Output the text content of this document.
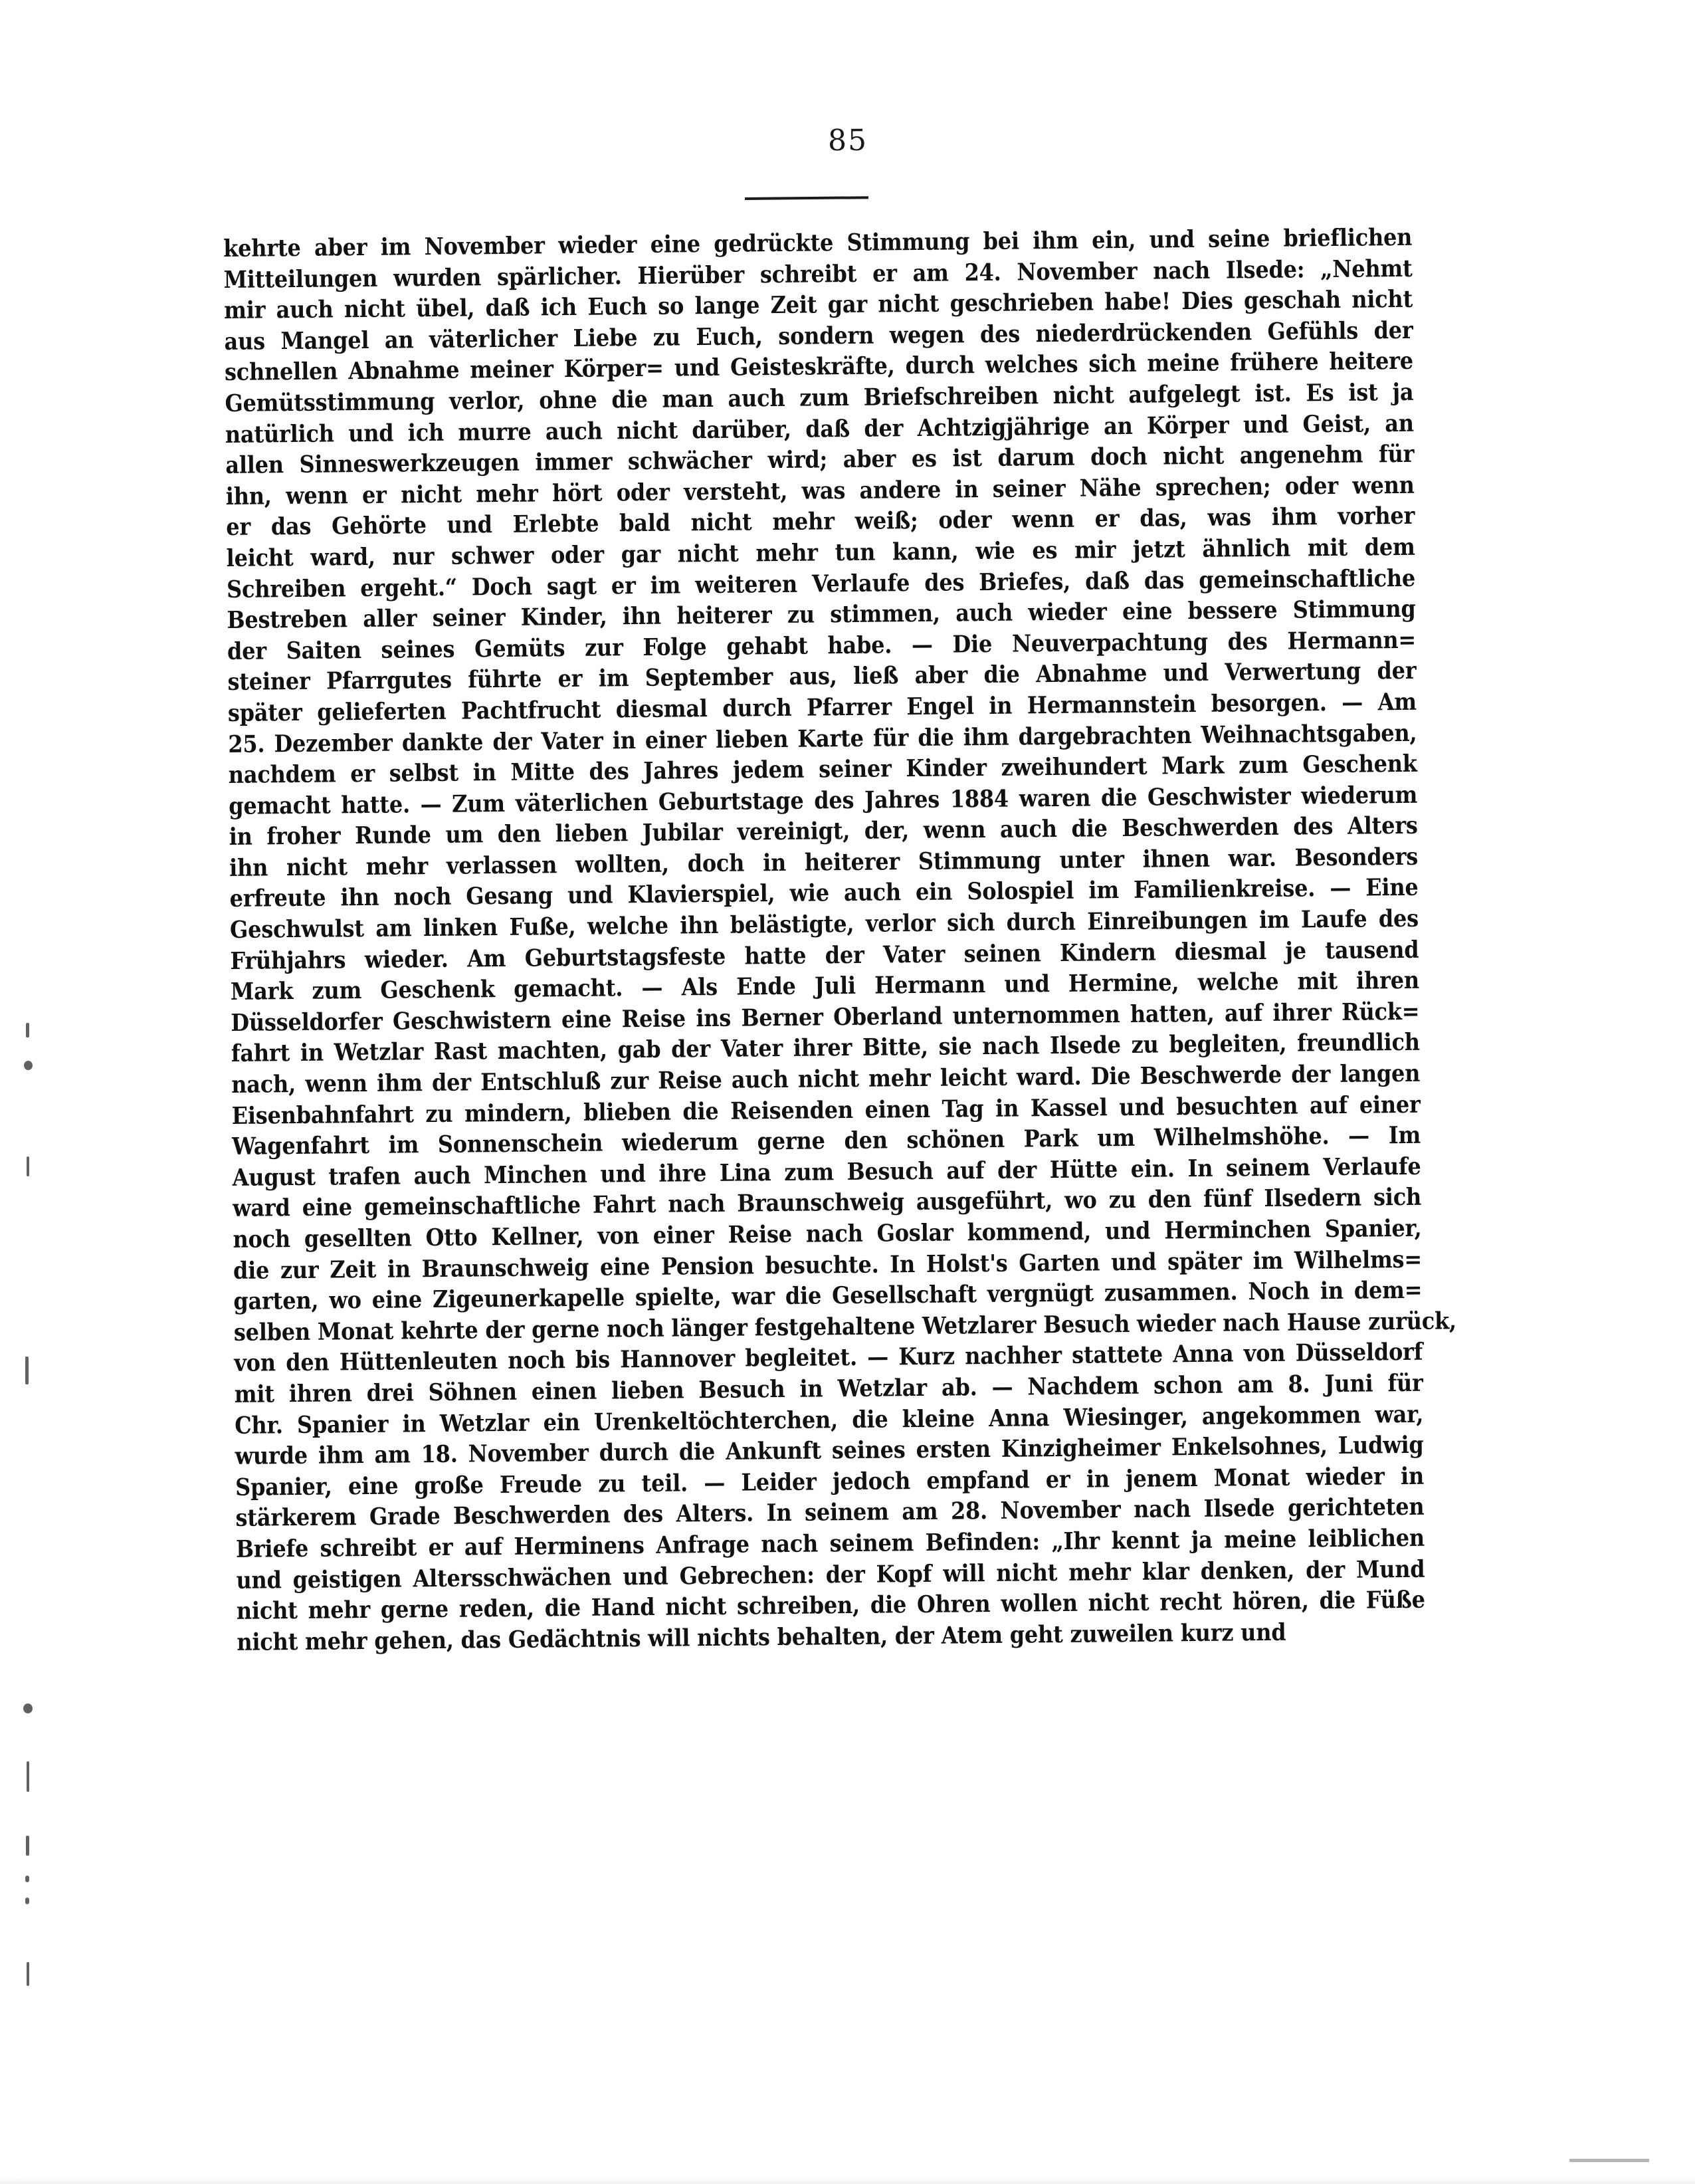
85
kehrte aber im November wieder eine gedrückte Stimmung bei ihm ein, und seine brieflichen
Mitteilungen wurden spärlicher. Hierüber schreibt er am 24. November nach Ilsede: „Nehmt
mir auch nicht übel, daß ich Euch so lange Zeit gar nicht geschrieben habe! Dies geschah nicht
aus Mangel an väterlicher Liebe zu Euch, sondern wegen des niederdrückenden Gefühls der
schnellen Abnahme meiner Körper= und Geisteskräfte, durch welches sich meine frühere heitere
Gemütsstimmung verlor, ohne die man auch zum Briefschreiben nicht aufgelegt ist. Es ist ja
natürlich und ich murre auch nicht darüber, daß der Achtzigjährige an Körper und Geist, an
allen Sinneswerkzeugen immer schwächer wird; aber es ist darum doch nicht angenehm für
ihn, wenn er nicht mehr hört oder versteht, was andere in seiner Nähe sprechen; oder wenn
er das Gehörte und Erlebte bald nicht mehr weiß; oder wenn er das, was ihm vorher
leicht ward, nur schwer oder gar nicht mehr tun kann, wie es mir jetzt ähnlich mit dem
Schreiben ergeht.“ Doch sagt er im weiteren Verlaufe des Briefes, daß das gemeinschaftliche
Bestreben aller seiner Kinder, ihn heiterer zu stimmen, auch wieder eine bessere Stimmung
der Saiten seines Gemüts zur Folge gehabt habe. — Die Neuverpachtung des Hermann=
steiner Pfarrgutes führte er im September aus, ließ aber die Abnahme und Verwertung der
später gelieferten Pachtfrucht diesmal durch Pfarrer Engel in Hermannstein besorgen. — Am
25. Dezember dankte der Vater in einer lieben Karte für die ihm dargebrachten Weihnachtsgaben,
nachdem er selbst in Mitte des Jahres jedem seiner Kinder zweihundert Mark zum Geschenk
gemacht hatte. — Zum väterlichen Geburtstage des Jahres 1884 waren die Geschwister wiederum
in froher Runde um den lieben Jubilar vereinigt, der, wenn auch die Beschwerden des Alters
ihn nicht mehr verlassen wollten, doch in heiterer Stimmung unter ihnen war. Besonders
erfreute ihn noch Gesang und Klavierspiel, wie auch ein Solospiel im Familienkreise. — Eine
Geschwulst am linken Fuße, welche ihn belästigte, verlor sich durch Einreibungen im Laufe des
Frühjahrs wieder. Am Geburtstagsfeste hatte der Vater seinen Kindern diesmal je tausend
Mark zum Geschenk gemacht. — Als Ende Juli Hermann und Hermine, welche mit ihren
Düsseldorfer Geschwistern eine Reise ins Berner Oberland unternommen hatten, auf ihrer Rück=
fahrt in Wetzlar Rast machten, gab der Vater ihrer Bitte, sie nach Ilsede zu begleiten, freundlich
nach, wenn ihm der Entschluß zur Reise auch nicht mehr leicht ward. Die Beschwerde der langen
Eisenbahnfahrt zu mindern, blieben die Reisenden einen Tag in Kassel und besuchten auf einer
Wagenfahrt im Sonnenschein wiederum gerne den schönen Park um Wilhelmshöhe. — Im
August trafen auch Minchen und ihre Lina zum Besuch auf der Hütte ein. In seinem Verlaufe
ward eine gemeinschaftliche Fahrt nach Braunschweig ausgeführt, wo zu den fünf Ilsedern sich
noch gesellten Otto Kellner, von einer Reise nach Goslar kommend, und Herminchen Spanier,
die zur Zeit in Braunschweig eine Pension besuchte. In Holst's Garten und später im Wilhelms=
garten, wo eine Zigeunerkapelle spielte, war die Gesellschaft vergnügt zusammen. Noch in dem=
selben Monat kehrte der gerne noch länger festgehaltene Wetzlarer Besuch wieder nach Hause zurück,
von den Hüttenleuten noch bis Hannover begleitet. — Kurz nachher stattete Anna von Düsseldorf
mit ihren drei Söhnen einen lieben Besuch in Wetzlar ab. — Nachdem schon am 8. Juni für
Chr. Spanier in Wetzlar ein Urenkeltöchterchen, die kleine Anna Wiesinger, angekommen war,
wurde ihm am 18. November durch die Ankunft seines ersten Kinzigheimer Enkelsohnes, Ludwig
Spanier, eine große Freude zu teil. — Leider jedoch empfand er in jenem Monat wieder in
stärkerem Grade Beschwerden des Alters. In seinem am 28. November nach Ilsede gerichteten
Briefe schreibt er auf Herminens Anfrage nach seinem Befinden: „Ihr kennt ja meine leiblichen
und geistigen Altersschwächen und Gebrechen: der Kopf will nicht mehr klar denken, der Mund
nicht mehr gerne reden, die Hand nicht schreiben, die Ohren wollen nicht recht hören, die Füße
nicht mehr gehen, das Gedächtnis will nichts behalten, der Atem geht zuweilen kurz und
